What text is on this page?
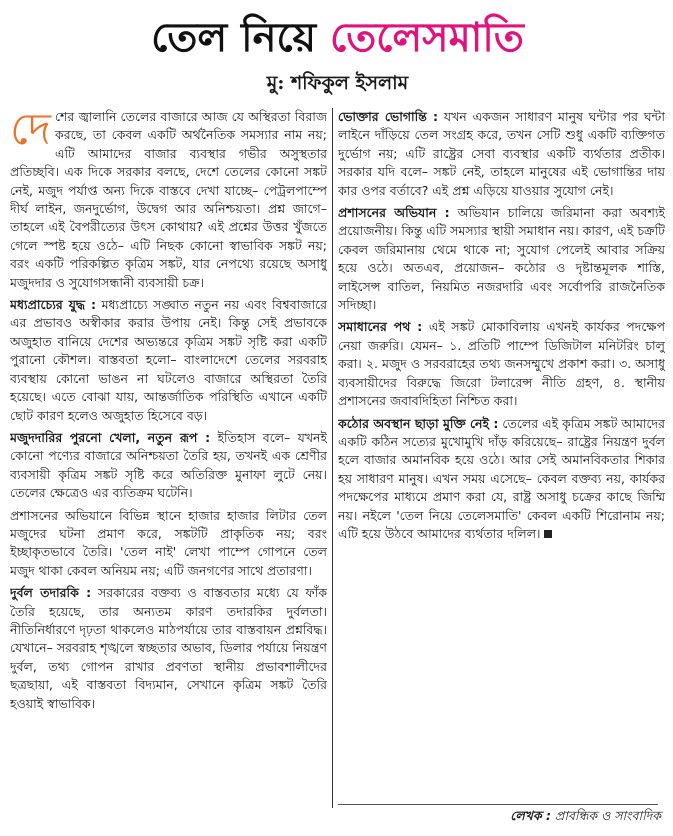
তেল নিয়ে তেলেসমাতি
মু: শফিকুল ইসলাম

দেশের জ্বালানি তেলের বাজারে আজ যে অস্থিরতা বিরাজ করছে, তা কেবল একটি অর্থনৈতিক সমস্যার নাম নয়; এটি আমাদের বাজার ব্যবস্থার গভীর অসুস্থতার প্রতিচ্ছবি। এক দিকে সরকার বলছে, দেশে তেলের কোনো সঙ্কট নেই, মজুদ পর্যাপ্ত অন্য দিকে বাস্তবে দেখা যাচ্ছে– পেট্রলপাম্পে দীর্ঘ লাইন, জনদুর্ভোগ, উদ্বেগ আর অনিশ্চয়তা। প্রশ্ন জাগে– তাহলে এই বৈপরীত্যের উৎস কোথায়? এই প্রশ্নের উত্তর খুঁজতে গেলে স্পষ্ট হয়ে ওঠে– এটি নিছক কোনো স্বাভাবিক সঙ্কট নয়; বরং একটি পরিকল্পিত কৃত্রিম সঙ্কট, যার নেপথ্যে রয়েছে অসাধু মজুদদার ও সুযোগসন্ধানী ব্যবসায়ী চক্র।

মধ্যপ্রাচ্যের যুদ্ধ : মধ্যপ্রাচ্যে সঙ্ঘাত নতুন নয় এবং বিশ্ববাজারে এর প্রভাবও অস্বীকার করার উপায় নেই। কিন্তু সেই প্রভাবকে অজুহাত বানিয়ে দেশের অভ্যন্তরে কৃত্রিম সঙ্কট সৃষ্টি করা একটি পুরানো কৌশল। বাস্তবতা হলো– বাংলাদেশে তেলের সরবরাহ ব্যবস্থায় কোনো ভাঙন না ঘটলেও বাজারে অস্থিরতা তৈরি হয়েছে। এতে বোঝা যায়, আন্তর্জাতিক পরিস্থিতি এখানে একটি ছোট কারণ হলেও অজুহাত হিসেবে বড়।

মজুদদারির পুরনো খেলা, নতুন রূপ : ইতিহাস বলে– যখনই কোনো পণ্যের বাজারে অনিশ্চয়তা তৈরি হয়, তখনই এক শ্রেণীর ব্যবসায়ী কৃত্রিম সঙ্কট সৃষ্টি করে অতিরিক্ত মুনাফা লুটে নেয়। তেলের ক্ষেত্রেও এর ব্যতিক্রম ঘটেনি।

প্রশাসনের অভিযানে বিভিন্ন স্থানে হাজার হাজার লিটার তেল মজুদের ঘটনা প্রমাণ করে, সঙ্কটটি প্রাকৃতিক নয়; বরং ইচ্ছাকৃতভাবে তৈরি। 'তেল নাই' লেখা পাম্পে গোপনে তেল মজুদ থাকা কেবল অনিয়ম নয়; এটি জনগণের সাথে প্রতারণা।

দুর্বল তদারকি : সরকারের বক্তব্য ও বাস্তবতার মধ্যে যে ফাঁক তৈরি হয়েছে, তার অন্যতম কারণ তদারকির দুর্বলতা। নীতিনির্ধারণে দৃঢ়তা থাকলেও মাঠপর্যায়ে তার বাস্তবায়ন প্রশ্নবিদ্ধ। যেখানে– সরবরাহ শৃঙ্খলে স্বচ্ছতার অভাব, ডিলার পর্যায়ে নিয়ন্ত্রণ দুর্বল, তথ্য গোপন রাখার প্রবণতা স্থানীয় প্রভাবশালীদের ছত্রছায়া, এই বাস্তবতা বিদ্যমান, সেখানে কৃত্রিম সঙ্কট তৈরি হওয়াই স্বাভাবিক।

ভোক্তার ভোগান্তি : যখন একজন সাধারণ মানুষ ঘন্টার পর ঘন্টা লাইনে দাঁড়িয়ে তেল সংগ্রহ করে, তখন সেটি শুধু একটি ব্যক্তিগত দুর্ভোগ নয়; এটি রাষ্ট্রের সেবা ব্যবস্থার একটি ব্যর্থতার প্রতীক। সরকার যদি বলে– সঙ্কট নেই, তাহলে মানুষের এই ভোগান্তির দায় কার ওপর বর্তাবে? এই প্রশ্ন এড়িয়ে যাওয়ার সুযোগ নেই।

প্রশাসনের অভিযান : অভিযান চালিয়ে জরিমানা করা অবশ্যই প্রয়োজনীয়। কিন্তু এটি সমস্যার স্থায়ী সমাধান নয়। কারণ, এই চক্রটি কেবল জরিমানায় থেমে থাকে না; সুযোগ পেলেই আবার সক্রিয় হয়ে ওঠে। অতএব, প্রয়োজন– কঠোর ও দৃষ্টান্তমূলক শাস্তি, লাইসেন্স বাতিল, নিয়মিত নজরদারি এবং সর্বোপরি রাজনৈতিক সদিচ্ছা।

সমাধানের পথ : এই সঙ্কট মোকাবিলায় এখনই কার্যকর পদক্ষেপ নেয়া জরুরি। যেমন– ১. প্রতিটি পাম্পে ডিজিটাল মনিটরিং চালু করা। ২. মজুদ ও সরবরাহের তথ্য জনসম্মুখে প্রকাশ করা। ৩. অসাধু ব্যবসায়ীদের বিরুদ্ধে জিরো টলারেন্স নীতি গ্রহণ, ৪. স্থানীয় প্রশাসনের জবাবদিহিতা নিশ্চিত করা।

কঠোর অবস্থান ছাড়া মুক্তি নেই : তেলের এই কৃত্রিম সঙ্কট আমাদের একটি কঠিন সত্যের মুখোমুখি দাঁড় করিয়েছে– রাষ্ট্রের নিয়ন্ত্রণ দুর্বল হলে বাজার অমানবিক হয়ে ওঠে। আর সেই অমানবিকতার শিকার হয় সাধারণ মানুষ। এখন সময় এসেছে– কেবল বক্তব্য নয়, কার্যকর পদক্ষেপের মাধ্যমে প্রমাণ করা যে, রাষ্ট্র অসাধু চক্রের কাছে জিম্মি নয়। নইলে 'তেল নিয়ে তেলেসমাতি' কেবল একটি শিরোনাম নয়; এটি হয়ে উঠবে আমাদের ব্যর্থতার দলিল।

লেখক : প্রাবন্ধিক ও সাংবাদিক
